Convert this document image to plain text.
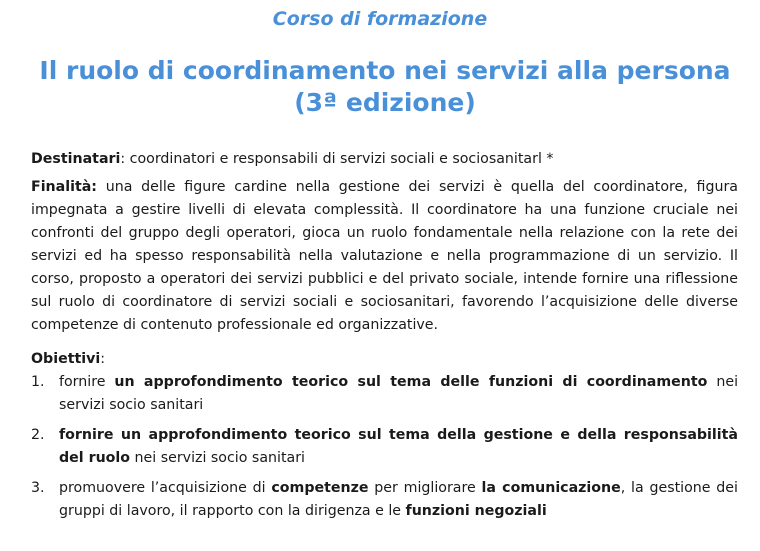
Corso di formazione
Il ruolo di coordinamento nei servizi alla persona
(3ª edizione)

Destinatari: coordinatori e responsabili di servizi sociali e sociosanitarl *

Finalità: una delle figure cardine nella gestione dei servizi è quella del coordinatore, figura impegnata a gestire livelli di elevata complessità. Il coordinatore ha una funzione cruciale nei confronti del gruppo degli operatori, gioca un ruolo fondamentale nella relazione con la rete dei servizi ed ha spesso responsabilità nella valutazione e nella programmazione di un servizio. Il corso, proposto a operatori dei servizi pubblici e del privato sociale, intende fornire una riflessione sul ruolo di coordinatore di servizi sociali e sociosanitari, favorendo l’acquisizione delle diverse competenze di contenuto professionale ed organizzative.

Obiettivi:

1. fornire un approfondimento teorico sul tema delle funzioni di coordinamento nei servizi socio sanitari
2. fornire un approfondimento teorico sul tema della gestione e della responsabilità del ruolo nei servizi socio sanitari
3. promuovere l’acquisizione di competenze per migliorare la comunicazione, la gestione dei gruppi di lavoro, il rapporto con la dirigenza e le funzioni negoziali
